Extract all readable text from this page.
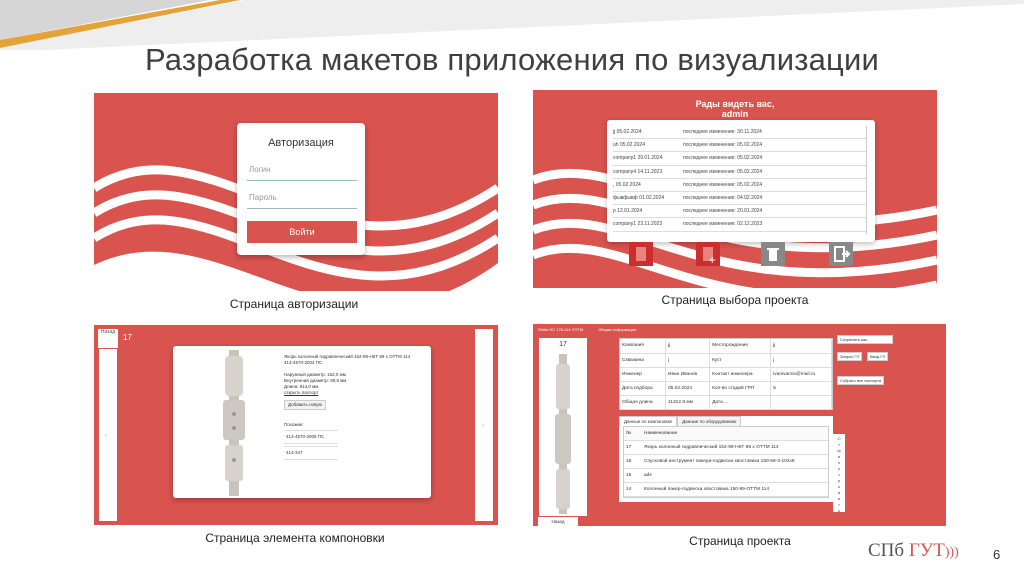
Разработка макетов приложения по визуализации
Авторизация
Логин
Пароль
Войти
Страница авторизации
Рады видеть вас,
admin
jj 05.02.2024	последнее изменение: 30.11.2024
uh 05.02.2024	последнее изменение: 05.02.2024
company1 29.01.2024	последнее изменение: 05.02.2024
company4 14.11.2023	последнее изменение: 05.02.2024
, 05.02.2024	последнее изменение: 05.02.2024
фывфывф 01.02.2024	последнее изменение: 04.02.2024
р 12.01.2024	последнее изменение: 20.01.2024
company1 23.11.2023	последнее изменение: 02.12.2023
+
Страница выбора проекта
Назад
‹
17
Якорь колонный гидравлический 152-99-НКТ 89 х ОТТМ 114
413-4570-2004 ПС
Наружный диаметр: 152,0 мм
Внутренний диаметр: 99,6 мм
Длина: 814,0 мм
открыть паспорт
Добавить новую
Похожие:
413-4570-2005 ПС
413-347
›
Страница элемента компоновки
Strike НС 178-114 ОТТМ	Общая информация
17	Компания	jj	Месторождение	jj
Скважина	j	Куст	j
Инженер	Иван Иванов	Контакт инженера	ivanivanov@mail.ru
Дата подбора	05.02.2024	Кол-во стадий ГРП	5
Общая длина	11312.8 мм	Дата ...	
Сохранить как...
Запрос ГП	Ввод ГП
Собрать все паспорта
Данные по компоновке	Данные по оборудованию
№	Наименование
17	Якорь колонный гидравлический 152-99-НКТ 89 х ОТТМ 114
16	Спусковой инструмент пакера-подвески хвостовика 150-58-3-102х8
15	ads
14	Колонный пакер-подвеска хвостовика 150-99-ОТТМ 114
О
т
ф
и
л
ь
т
р
о
в
а
т
ь
Назад
Страница проекта	СПб ГУТ)))	6
